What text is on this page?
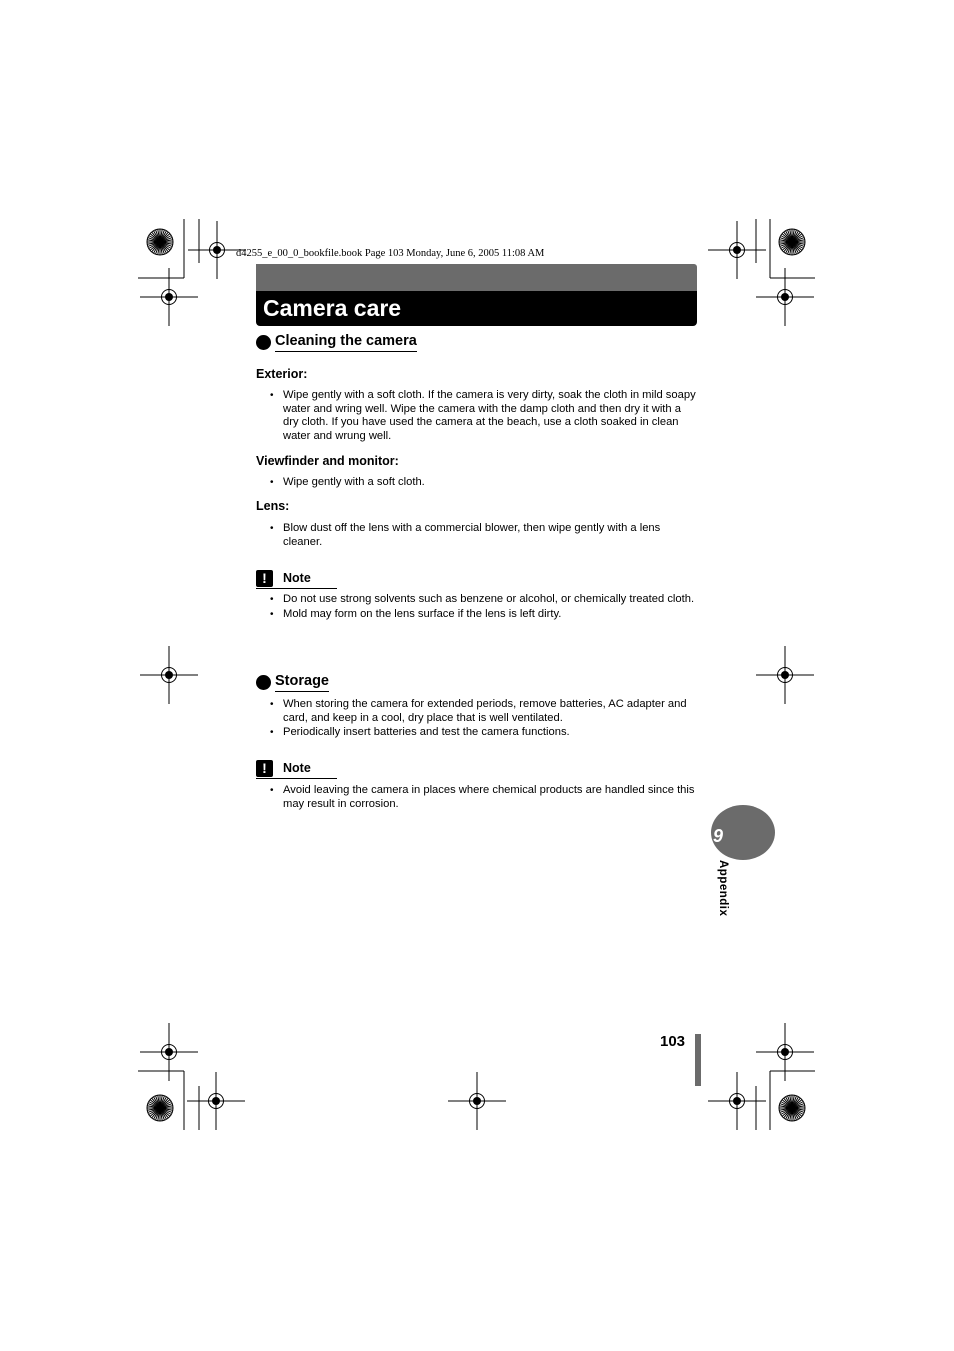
d4255_e_00_0_bookfile.book Page 103 Monday, June 6, 2005 11:08 AM
Camera care
Cleaning the camera
Exterior:
• Wipe gently with a soft cloth. If the camera is very dirty, soak the cloth in mild soapy water and wring well. Wipe the camera with the damp cloth and then dry it with a dry cloth. If you have used the camera at the beach, use a cloth soaked in clean water and wrung well.
Viewfinder and monitor:
• Wipe gently with a soft cloth.
Lens:
• Blow dust off the lens with a commercial blower, then wipe gently with a lens cleaner.
!	Note
• Do not use strong solvents such as benzene or alcohol, or chemically treated cloth.
• Mold may form on the lens surface if the lens is left dirty.
Storage
• When storing the camera for extended periods, remove batteries, AC adapter and card, and keep in a cool, dry place that is well ventilated.
• Periodically insert batteries and test the camera functions.
!	Note
• Avoid leaving the camera in places where chemical products are handled since this may result in corrosion.
9
Appendix
103
